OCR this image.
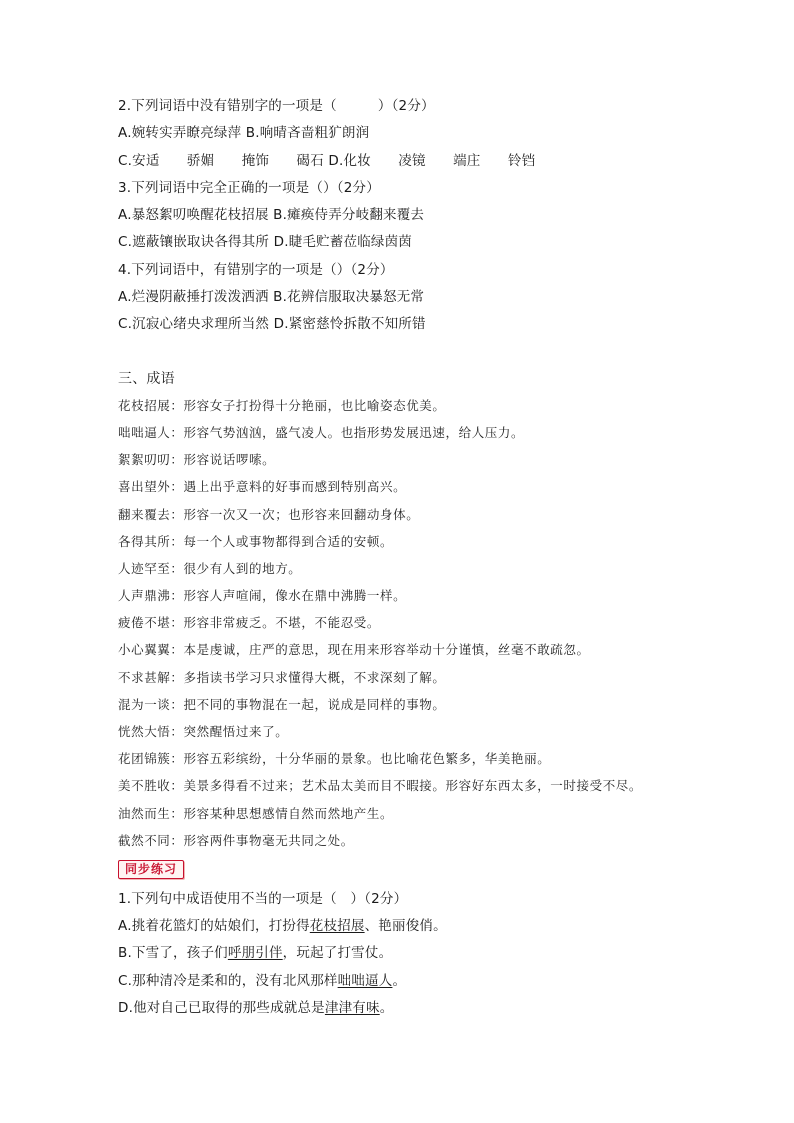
2.下列词语中没有错别字的一项是（　　　）（2分）
A.婉转实弄瞭亮绿萍 B.响晴吝啬粗犷朗润
C.安适　　骄媚　　掩饰　　碣石 D.化妆　　凌镜　　端庄　　铃铛
3.下列词语中完全正确的一项是（）（2分）
A.暴怒絮叨唤醒花枝招展 B.瘫痪侍弄分岐翻来覆去
C.遮蔽镶嵌取诀各得其所 D.睫毛贮蓄莅临绿茵茵
4.下列词语中，有错别字的一项是（）（2分）
A.烂漫阴蔽捶打泼泼洒洒 B.花辨信服取决暴怒无常
C.沉寂心绪央求理所当然 D.紧密慈怜拆散不知所错
三、成语
花枝招展：形容女子打扮得十分艳丽，也比喻姿态优美。
咄咄逼人：形容气势汹汹，盛气凌人。也指形势发展迅速，给人压力。
絮絮叨叨：形容说话啰嗦。
喜出望外：遇上出乎意料的好事而感到特别高兴。
翻来覆去：形容一次又一次；也形容来回翻动身体。
各得其所：每一个人或事物都得到合适的安顿。
人迹罕至：很少有人到的地方。
人声鼎沸：形容人声喧闹，像水在鼎中沸腾一样。
疲倦不堪：形容非常疲乏。不堪，不能忍受。
小心翼翼：本是虔诚，庄严的意思，现在用来形容举动十分谨慎，丝毫不敢疏忽。
不求甚解：多指读书学习只求懂得大概，不求深刻了解。
混为一谈：把不同的事物混在一起，说成是同样的事物。
恍然大悟：突然醒悟过来了。
花团锦簇：形容五彩缤纷，十分华丽的景象。也比喻花色繁多，华美艳丽。
美不胜收：美景多得看不过来；艺术品太美而目不暇接。形容好东西太多，一时接受不尽。
油然而生：形容某种思想感情自然而然地产生。
截然不同：形容两件事物毫无共同之处。
同步练习
1.下列句中成语使用不当的一项是（　）（2分）
A.挑着花篮灯的姑娘们，打扮得花枝招展、艳丽俊俏。
B.下雪了，孩子们呼朋引伴，玩起了打雪仗。
C.那种清冷是柔和的，没有北风那样咄咄逼人。
D.他对自己已取得的那些成就总是津津有味。
